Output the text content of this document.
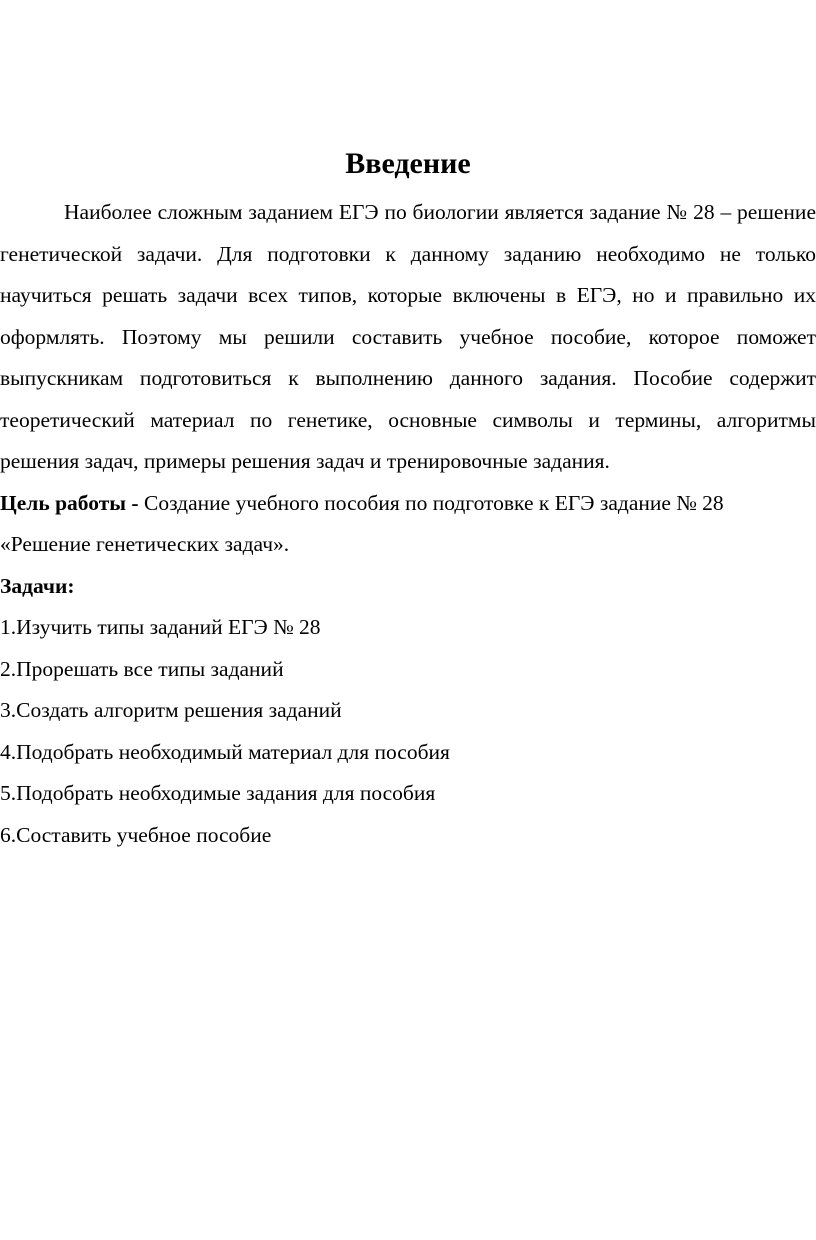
Введение

Наиболее сложным заданием ЕГЭ по биологии является задание № 28 – решение генетической задачи. Для подготовки к данному заданию необходимо не только научиться решать задачи всех типов, которые включены в ЕГЭ, но и правильно их оформлять. Поэтому мы решили составить учебное пособие, которое поможет выпускникам подготовиться к выполнению данного задания. Пособие содержит теоретический материал по генетике, основные символы и термины, алгоритмы решения задач, примеры решения задач и тренировочные задания.

Цель работы - Создание учебного пособия по подготовке к ЕГЭ задание № 28 «Решение генетических задач».

Задачи:

1.Изучить типы заданий ЕГЭ № 28
2.Прорешать все типы заданий
3.Создать алгоритм решения заданий
4.Подобрать необходимый материал для пособия
5.Подобрать необходимые задания для пособия
6.Составить учебное пособие
